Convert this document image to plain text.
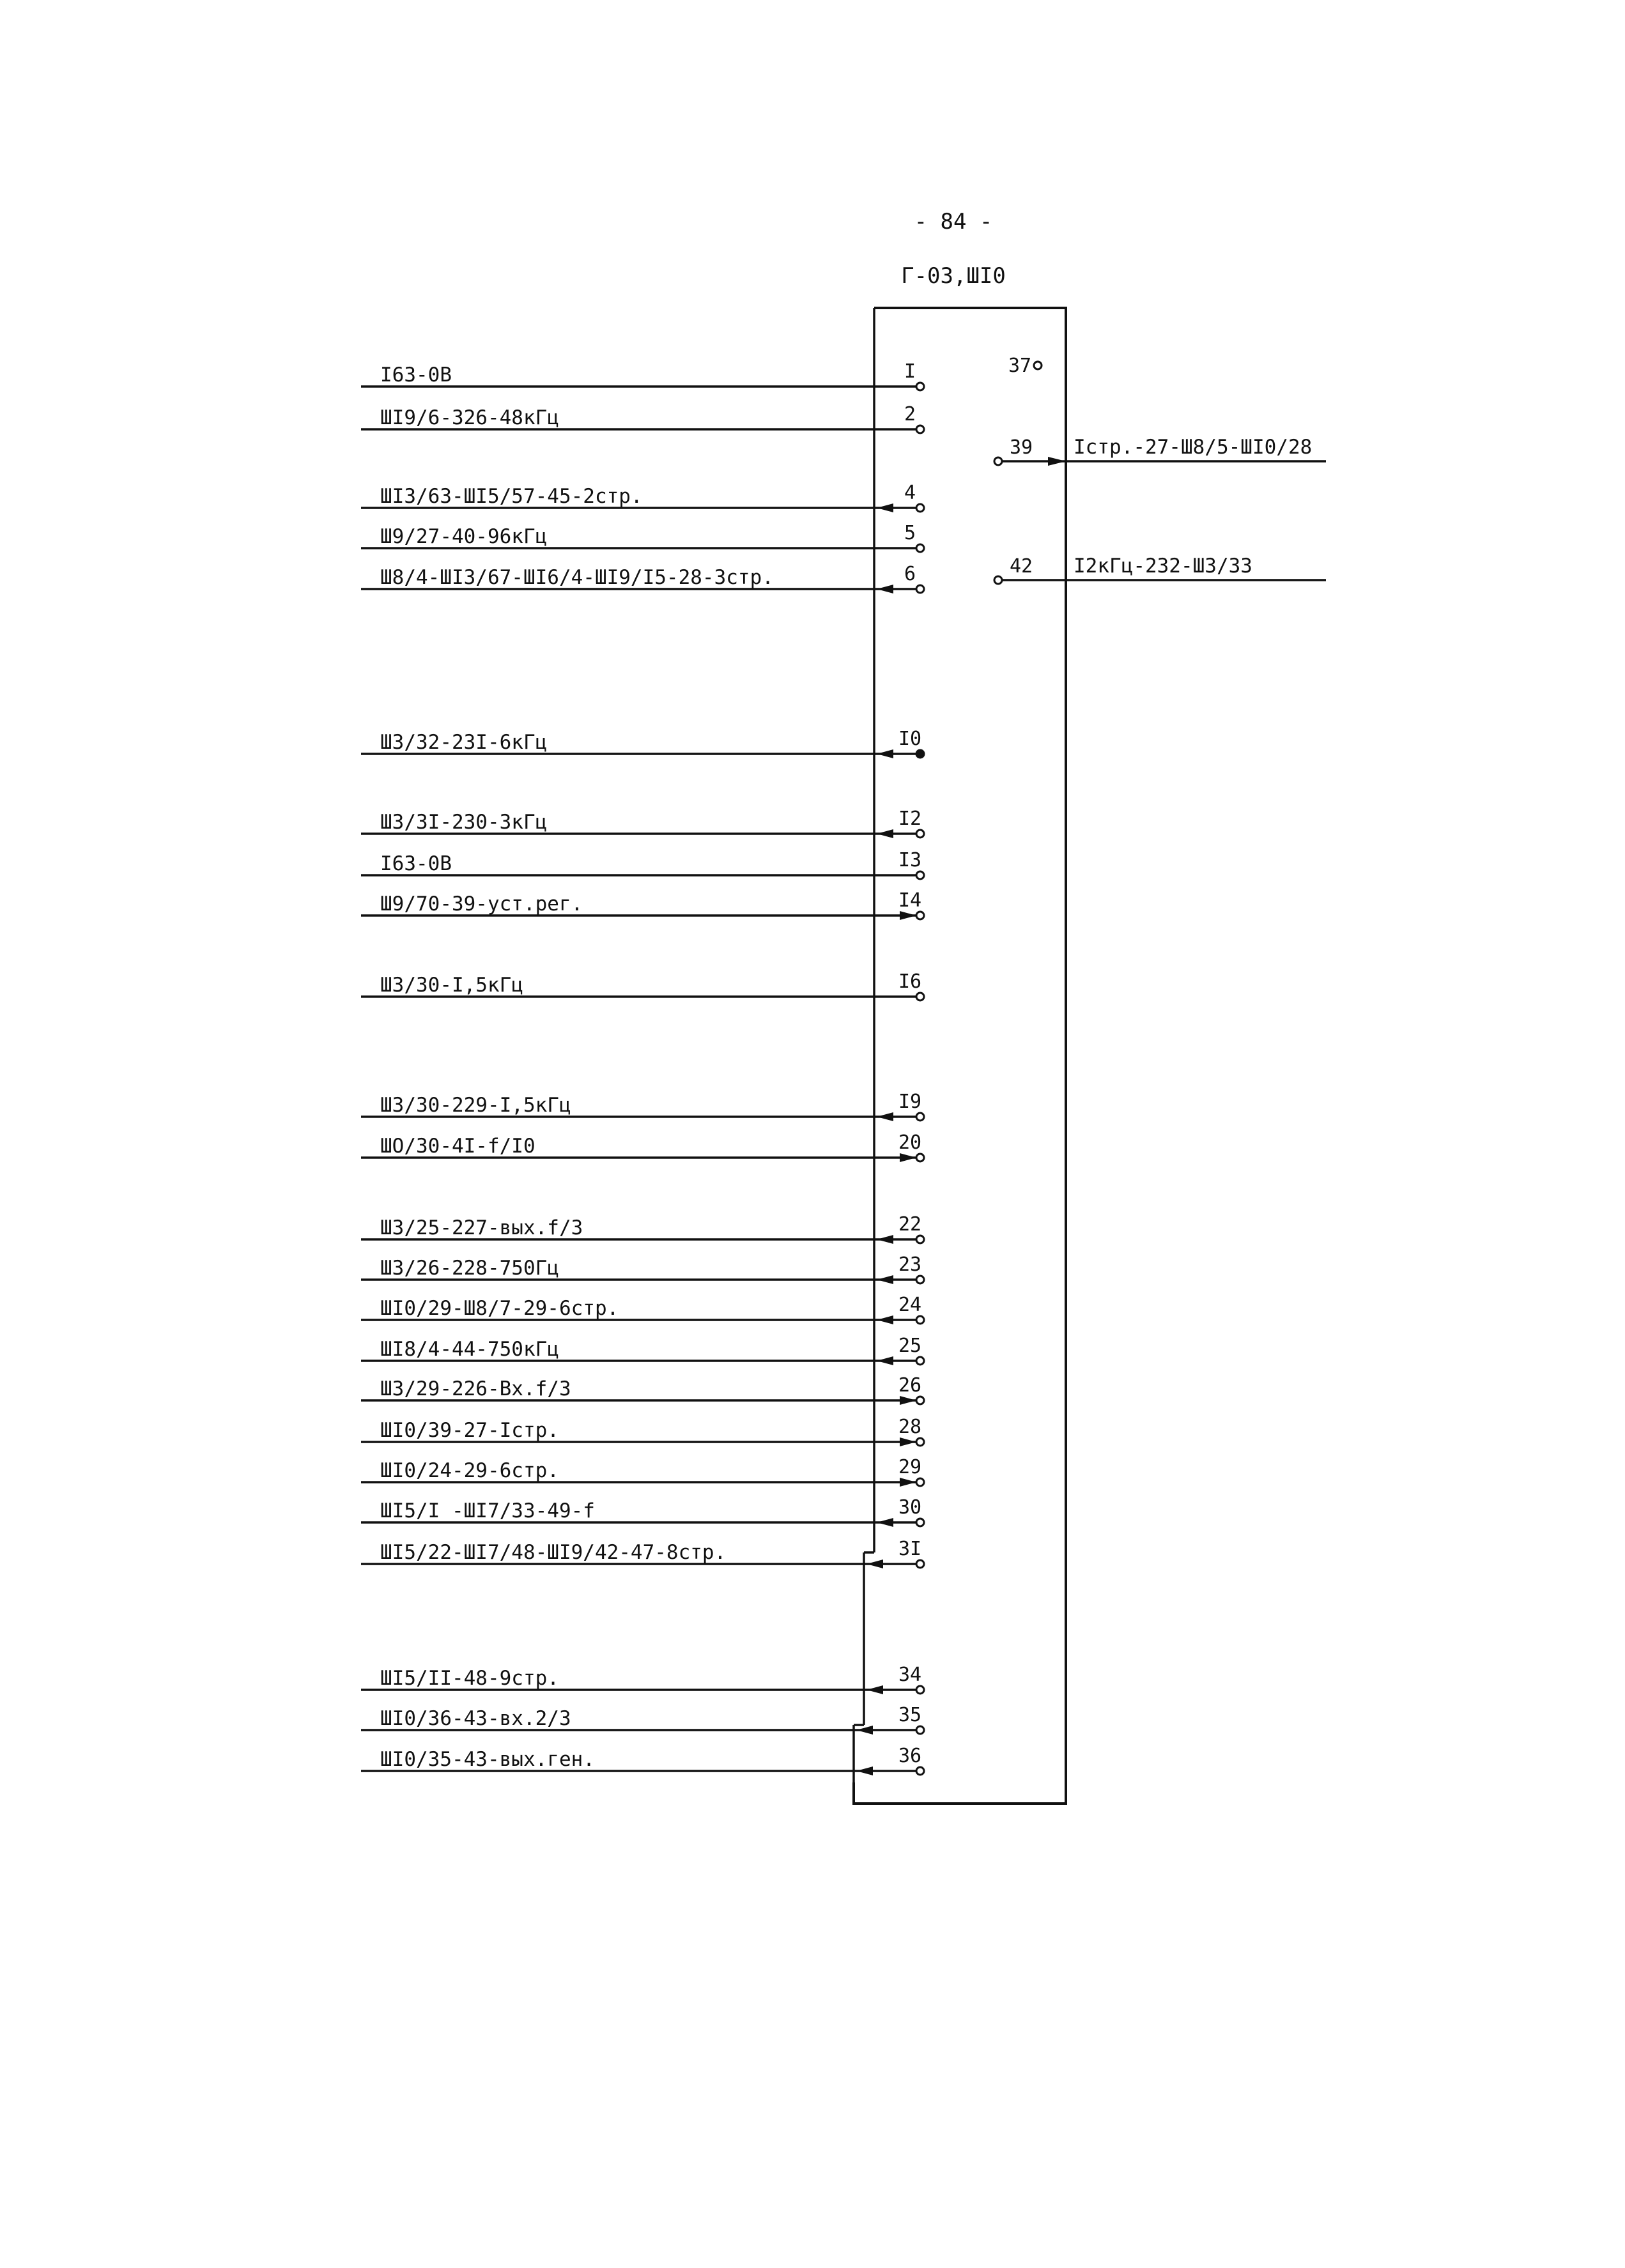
- 84 -
Г-03,ШI0
I63-0B	I
ШI9/6-326-48кГц	2
ШI3/63-ШI5/57-45-2стр.	4
Ш9/27-40-96кГц	5
Ш8/4-ШI3/67-ШI6/4-ШI9/I5-28-3стр.	6
Ш3/32-23I-6кГц	I0
Ш3/3I-230-3кГц	I2
I63-0B	I3
Ш9/70-39-уст.рег.	I4
Ш3/30-I,5кГц	I6
Ш3/30-229-I,5кГц	I9
ШO/30-4I-f/I0	20
Ш3/25-227-вых.f/3	22
Ш3/26-228-750Гц	23
ШI0/29-Ш8/7-29-6стр.	24
ШI8/4-44-750кГц	25
Ш3/29-226-Вх.f/3	26
ШI0/39-27-Iстр.	28
ШI0/24-29-6стр.	29
ШI5/I -ШI7/33-49-f	30
ШI5/22-ШI7/48-ШI9/42-47-8стр.	3I
ШI5/II-48-9стр.	34
ШI0/36-43-вх.2/3	35
ШI0/35-43-вых.ген.	36
37
39 Iстр.-27-Ш8/5-ШI0/28
42 I2кГц-232-Ш3/33
